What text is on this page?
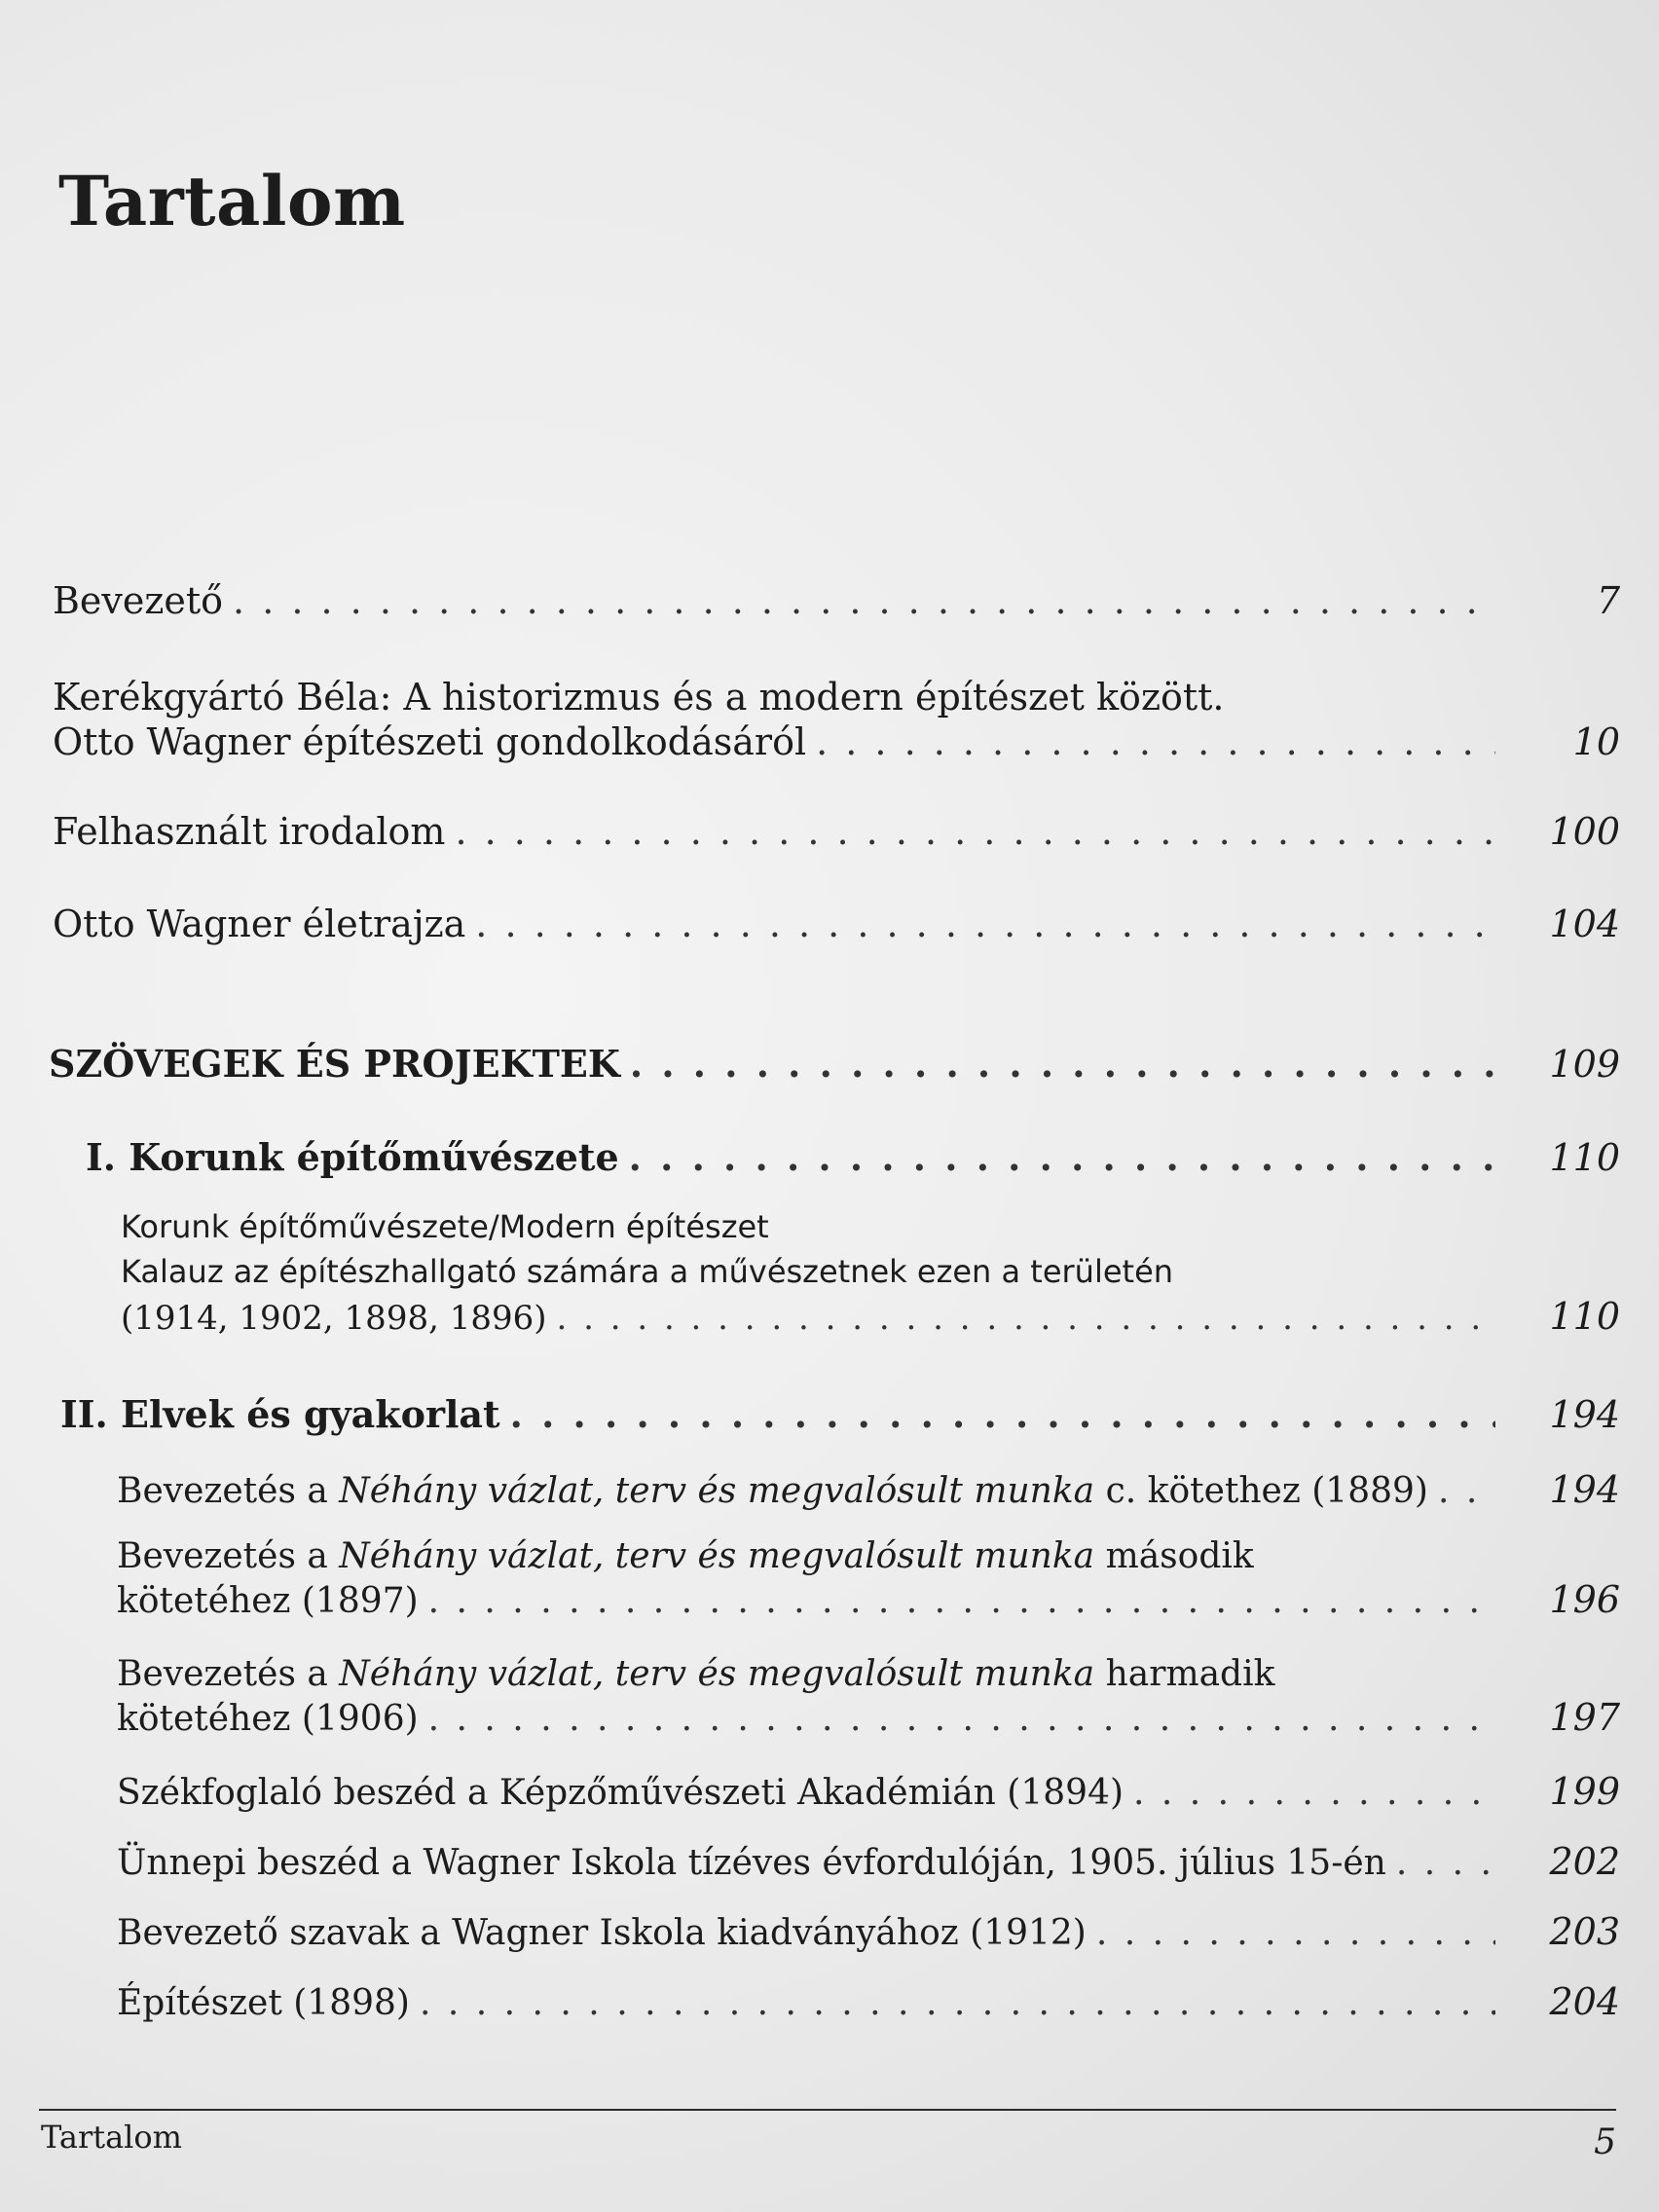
Tartalom
Bevezető . . .	7
Kerékgyártó Béla: A historizmus és a modern építészet között.
Otto Wagner építészeti gondolkodásáról . . .	10
Felhasznált irodalom . . .	100
Otto Wagner életrajza . . .	104
SZÖVEGEK ÉS PROJEKTEK . . .	109
I. Korunk építőművészete . . .	110
Korunk építőművészete/Modern építészet
Kalauz az építészhallgató számára a művészetnek ezen a területén
(1914, 1902, 1898, 1896) . . .	110
II. Elvek és gyakorlat . . .	194
Bevezetés a Néhány vázlat, terv és megvalósult munka c. kötethez (1889) . . .	194
Bevezetés a Néhány vázlat, terv és megvalósult munka második
kötetéhez (1897) . . .	196
Bevezetés a Néhány vázlat, terv és megvalósult munka harmadik
kötetéhez (1906) . . .	197
Székfoglaló beszéd a Képzőművészeti Akadémián (1894) . . .	199
Ünnepi beszéd a Wagner Iskola tízéves évfordulóján, 1905. július 15-én . . .	202
Bevezető szavak a Wagner Iskola kiadványához (1912) . . .	203
Építészet (1898) . . .	204
Tartalom	5
